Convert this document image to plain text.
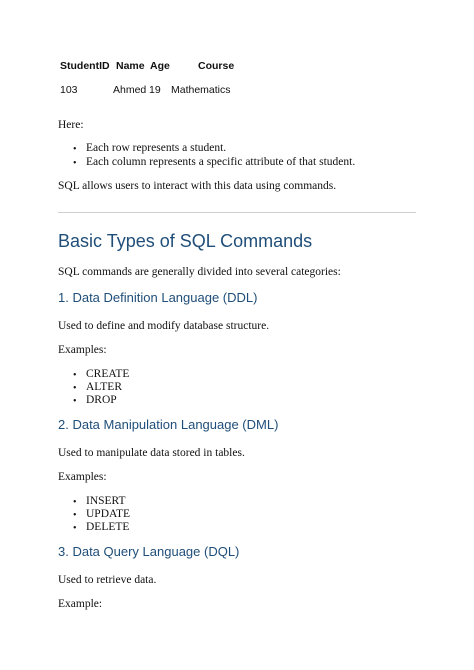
StudentID Name Age	Course
103	Ahmed 19 Mathematics
Here:
• Each row represents a student.
• Each column represents a specific attribute of that student.
SQL allows users to interact with this data using commands.
Basic Types of SQL Commands
SQL commands are generally divided into several categories:
1. Data Definition Language (DDL)
Used to define and modify database structure.
Examples:
• CREATE
• ALTER
• DROP
2. Data Manipulation Language (DML)
Used to manipulate data stored in tables.
Examples:
• INSERT
• UPDATE
• DELETE
3. Data Query Language (DQL)
Used to retrieve data.
Example:
